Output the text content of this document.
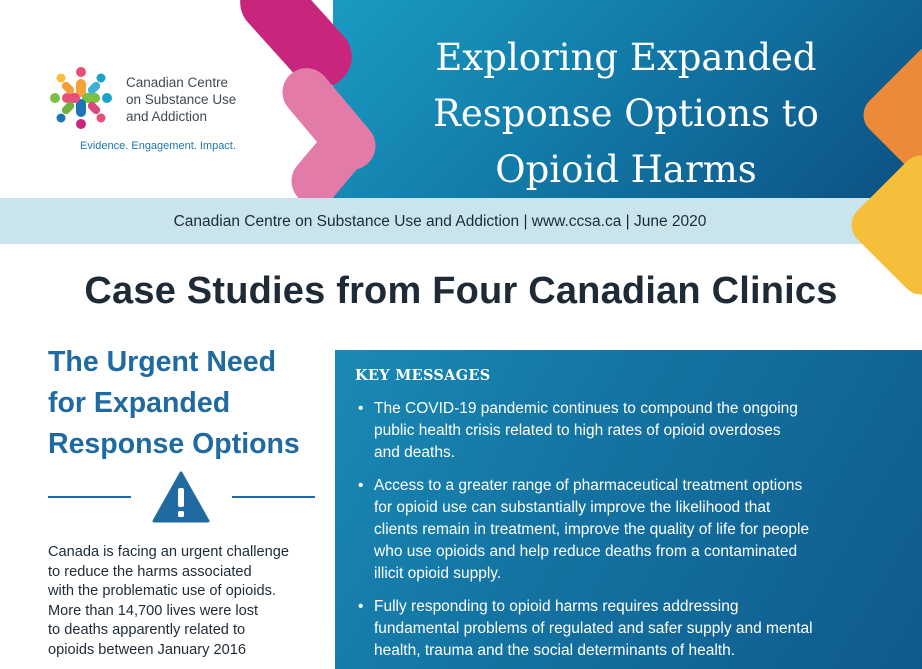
Exploring Expanded
Response Options to
Opioid Harms
Canadian Centre
on Substance Use
and Addiction
Evidence. Engagement. Impact.
Canadian Centre on Substance Use and Addiction | www.ccsa.ca | June 2020
Case Studies from Four Canadian Clinics
The Urgent Need
for Expanded
Response Options
Canada is facing an urgent challenge
to reduce the harms associated
with the problematic use of opioids.
More than 14,700 lives were lost
to deaths apparently related to
opioids between January 2016
KEY MESSAGES
• The COVID-19 pandemic continues to compound the ongoing
public health crisis related to high rates of opioid overdoses
and deaths.
• Access to a greater range of pharmaceutical treatment options
for opioid use can substantially improve the likelihood that
clients remain in treatment, improve the quality of life for people
who use opioids and help reduce deaths from a contaminated
illicit opioid supply.
• Fully responding to opioid harms requires addressing
fundamental problems of regulated and safer supply and mental
health, trauma and the social determinants of health.
